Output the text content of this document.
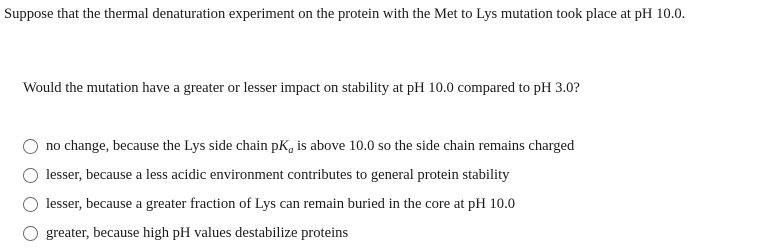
Suppose that the thermal denaturation experiment on the protein with the Met to Lys mutation took place at pH 10.0.
Would the mutation have a greater or lesser impact on stability at pH 10.0 compared to pH 3.0?
no change, because the Lys side chain $pK_a$ is above 10.0 so the side chain remains charged
lesser, because a less acidic environment contributes to general protein stability
lesser, because a greater fraction of Lys can remain buried in the core at pH 10.0
greater, because high pH values destabilize proteins
